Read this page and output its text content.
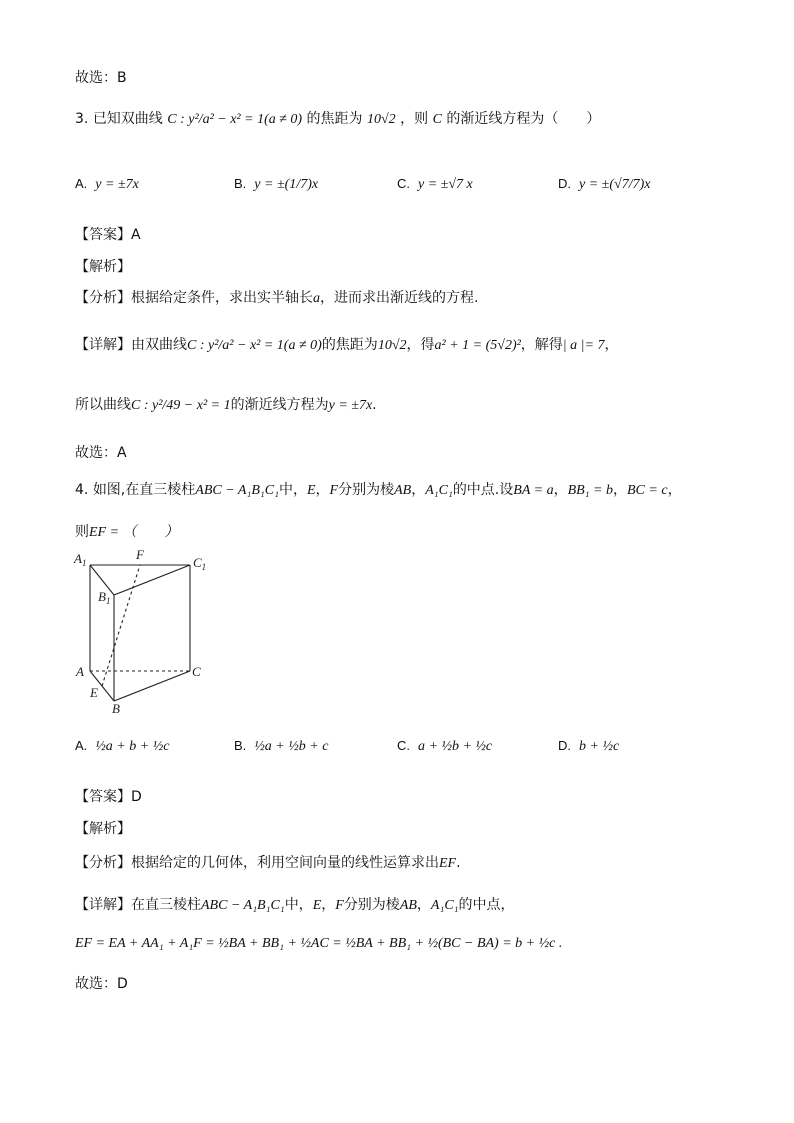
故选：B
3. 已知双曲线 C : y²/a² − x² = 1(a ≠ 0) 的焦距为 10√2 ，则 C 的渐近线方程为（　　）
A. y = ±7x	B. y = ±(1/7)x	C. y = ±√7 x	D. y = ±(√7/7)x
【答案】A
【解析】
【分析】根据给定条件，求出实半轴长a，进而求出渐近线的方程.
【详解】由双曲线C : y²/a² − x² = 1(a ≠ 0)的焦距为10√2，得a² + 1 = (5√2)²，解得| a |= 7，
所以曲线C : y²/49 − x² = 1的渐近线方程为y = ±7x.
故选：A
4. 如图,在直三棱柱ABC − A₁B₁C₁中，E，F分别为棱AB，A₁C₁的中点.设BA = a，BB₁ = b，BC = c，
则EF = （　　）
$A_1$
F
$C_1$
$B_1$
A	C
E
B
A. ½a + b + ½c	B. ½a + ½b + c	C. a + ½b + ½c	D. b + ½c
【答案】D
【解析】
【分析】根据给定的几何体，利用空间向量的线性运算求出EF.
【详解】在直三棱柱ABC − A₁B₁C₁中，E，F分别为棱AB，A₁C₁的中点，
EF = EA + AA₁ + A₁F = ½BA + BB₁ + ½AC = ½BA + BB₁ + ½(BC − BA) = b + ½c .
故选：D
